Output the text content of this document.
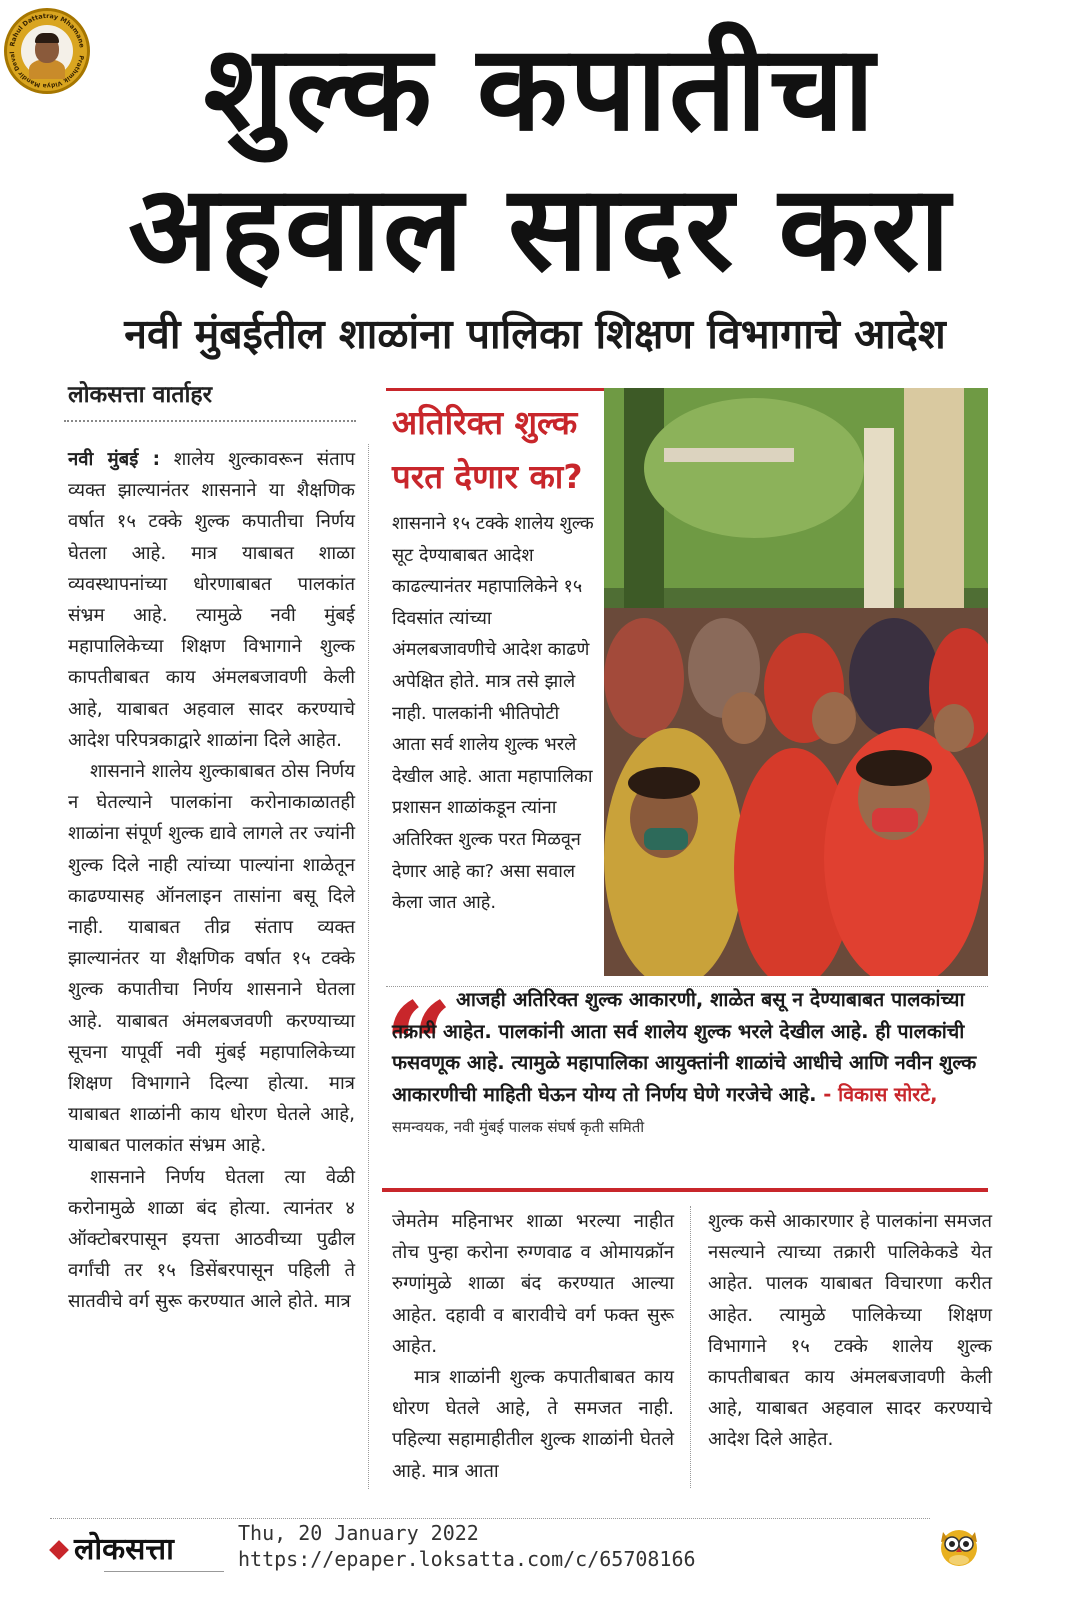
Rahul Dattatray Mhamane
Prathmik Vidya Mandir Deval	शुल्क कपातीचा
अहवाल सादर करा
नवी मुंबईतील शाळांना पालिका शिक्षण विभागाचे आदेश
लोकसत्ता वार्ताहर

नवी मुंबई : शालेय शुल्कावरून संताप व्यक्त झाल्यानंतर शासनाने या शैक्षणिक वर्षात १५ टक्के शुल्क कपातीचा निर्णय घेतला आहे. मात्र याबाबत शाळा व्यवस्थापनांच्या धोरणाबाबत पालकांत संभ्रम आहे. त्यामुळे नवी मुंबई महापालिकेच्या शिक्षण विभागाने शुल्क कापतीबाबत काय अंमलबजावणी केली आहे, याबाबत अहवाल सादर करण्याचे आदेश परिपत्रकाद्वारे शाळांना दिले आहेत.

शासनाने शालेय शुल्काबाबत ठोस निर्णय न घेतल्याने पालकांना करोनाकाळातही शाळांना संपूर्ण शुल्क द्यावे लागले तर ज्यांनी शुल्क दिले नाही त्यांच्या पाल्यांना शाळेतून काढण्यासह ऑनलाइन तासांना बसू दिले नाही. याबाबत तीव्र संताप व्यक्त झाल्यानंतर या शैक्षणिक वर्षात १५ टक्के शुल्क कपातीचा निर्णय शासनाने घेतला आहे. याबाबत अंमलबजवणी करण्याच्या सूचना यापूर्वी नवी मुंबई महापालिकेच्या शिक्षण विभागाने दिल्या होत्या. मात्र याबाबत शाळांनी काय धोरण घेतले आहे, याबाबत पालकांत संभ्रम आहे.

शासनाने निर्णय घेतला त्या वेळी करोनामुळे शाळा बंद होत्या. त्यानंतर ४ ऑक्टोबरपासून इयत्ता आठवीच्या पुढील वर्गांची तर १५ डिसेंबरपासून पहिली ते सातवीचे वर्ग सुरू करण्यात आले होते. मात्र

अतिरिक्त शुल्क परत देणार का?

शासनाने १५ टक्के शालेय शुल्क सूट देण्याबाबत आदेश काढल्यानंतर महापालिकेने १५ दिवसांत त्यांच्या अंमलबजावणीचे आदेश काढणे अपेक्षित होते. मात्र तसे झाले नाही. पालकांनी भीतिपोटी आता सर्व शालेय शुल्क भरले देखील आहे. आता महापालिका प्रशासन शाळांकडून त्यांना अतिरिक्त शुल्क परत मिळवून देणार आहे का? असा सवाल केला जात आहे.

“ आजही अतिरिक्त शुल्क आकारणी, शाळेत बसू न देण्याबाबत पालकांच्या तक्रारी आहेत. पालकांनी आता सर्व शालेय शुल्क भरले देखील आहे. ही पालकांची फसवणूक आहे. त्यामुळे महापालिका आयुक्तांनी शाळांचे आधीचे आणि नवीन शुल्क आकारणीची माहिती घेऊन योग्य तो निर्णय घेणे गरजेचे आहे. - विकास सोरटे, समन्वयक, नवी मुंबई पालक संघर्ष कृती समिती

जेमतेम महिनाभर शाळा भरल्या नाहीत तोच पुन्हा करोना रुग्णवाढ व ओमायक्रॉन रुग्णांमुळे शाळा बंद करण्यात आल्या आहेत. दहावी व बारावीचे वर्ग फक्त सुरू आहेत.

मात्र शाळांनी शुल्क कपातीबाबत काय धोरण घेतले आहे, ते समजत नाही. पहिल्या सहामाहीतील शुल्क शाळांनी घेतले आहे. मात्र आता

शुल्क कसे आकारणार हे पालकांना समजत नसल्याने त्याच्या तक्रारी पालिकेकडे येत आहेत. पालक याबाबत विचारणा करीत आहेत. त्यामुळे पालिकेच्या शिक्षण विभागाने १५ टक्के शालेय शुल्क कापतीबाबत काय अंमलबजावणी केली आहे, याबाबत अहवाल सादर करण्याचे आदेश दिले आहेत.

लोकसत्ता	Thu, 20 January 2022
https://epaper.loksatta.com/c/65708166
